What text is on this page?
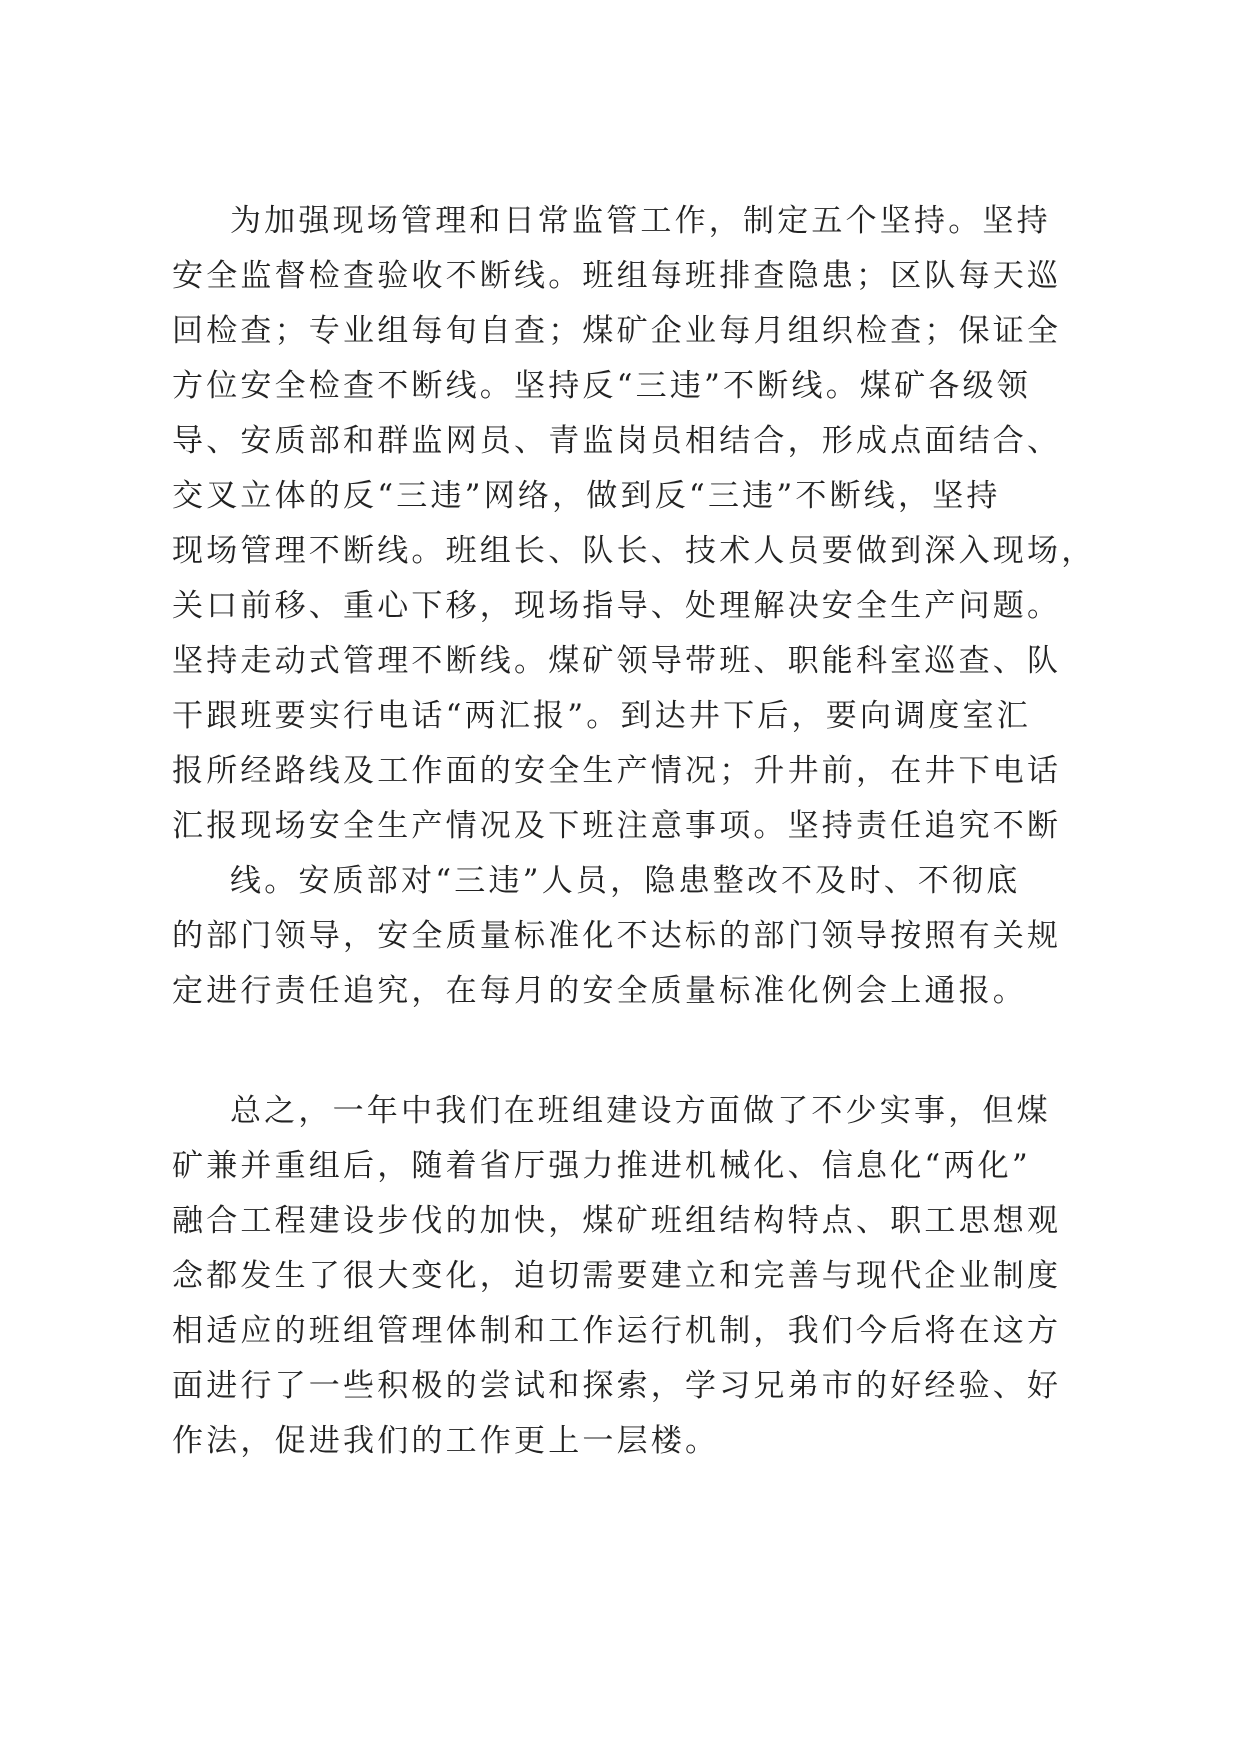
为加强现场管理和日常监管工作，制定五个坚持。坚持
安全监督检查验收不断线。班组每班排查隐患；区队每天巡
回检查；专业组每旬自查；煤矿企业每月组织检查；保证全
方位安全检查不断线。坚持反“三违”不断线。煤矿各级领
导、安质部和群监网员、青监岗员相结合，形成点面结合、
交叉立体的反“三违”网络，做到反“三违”不断线，坚持
现场管理不断线。班组长、队长、技术人员要做到深入现场，
关口前移、重心下移，现场指导、处理解决安全生产问题。
坚持走动式管理不断线。煤矿领导带班、职能科室巡查、队
干跟班要实行电话“两汇报”。到达井下后，要向调度室汇
报所经路线及工作面的安全生产情况；升井前，在井下电话
汇报现场安全生产情况及下班注意事项。坚持责任追究不断
线。安质部对“三违”人员，隐患整改不及时、不彻底
的部门领导，安全质量标准化不达标的部门领导按照有关规
定进行责任追究，在每月的安全质量标准化例会上通报。
总之，一年中我们在班组建设方面做了不少实事，但煤
矿兼并重组后，随着省厅强力推进机械化、信息化“两化”
融合工程建设步伐的加快，煤矿班组结构特点、职工思想观
念都发生了很大变化，迫切需要建立和完善与现代企业制度
相适应的班组管理体制和工作运行机制，我们今后将在这方
面进行了一些积极的尝试和探索，学习兄弟市的好经验、好
作法，促进我们的工作更上一层楼。
